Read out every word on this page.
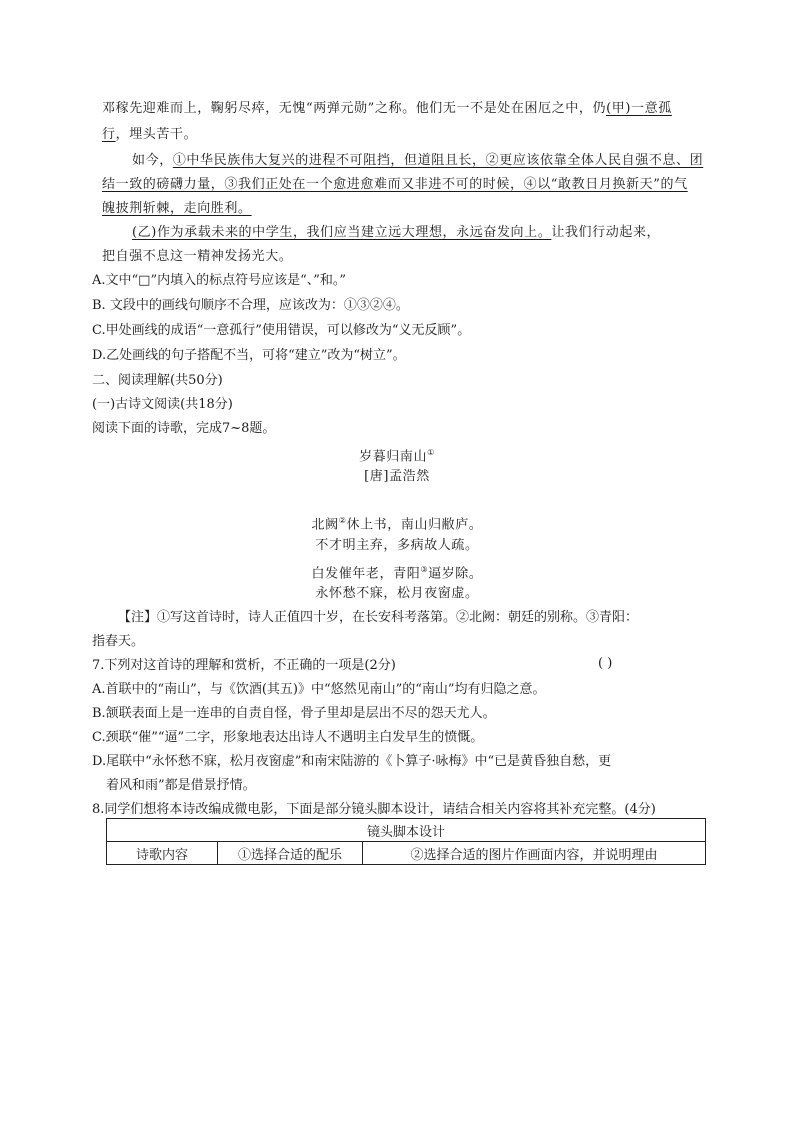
邓稼先迎难而上，鞠躬尽瘁，无愧“两弹元勋”之称。他们无一不是处在困厄之中，仍(甲)一意孤
行，埋头苦干。
如今，①中华民族伟大复兴的进程不可阻挡，但道阻且长，②更应该依靠全体人民自强不息、团
结一致的磅礴力量，③我们正处在一个愈进愈难而又非进不可的时候，④以“敢教日月换新天”的气
魄披荆斩棘，走向胜利。
(乙)作为承载未来的中学生，我们应当建立远大理想，永远奋发向上。让我们行动起来，
把自强不息这一精神发扬光大。
A.文中“□”内填入的标点符号应该是“、”和。”
B. 文段中的画线句顺序不合理，应该改为：①③②④。
C.甲处画线的成语“一意孤行”使用错误，可以修改为“义无反顾”。
D.乙处画线的句子搭配不当，可将“建立”改为“树立”。
二、阅读理解(共50分)
(一)古诗文阅读(共18分)
阅读下面的诗歌，完成7~8题。
岁暮归南山①
[唐]孟浩然
北阙②休上书，南山归敝庐。
不才明主弃，多病故人疏。
白发催年老，青阳③逼岁除。
永怀愁不寐，松月夜窗虚。
【注】①写这首诗时，诗人正值四十岁，在长安科考落第。②北阙：朝廷的别称。③青阳：
指春天。
7.下列对这首诗的理解和赏析，不正确的一项是(2分)	( )
A.首联中的“南山”，与《饮酒(其五)》中“悠然见南山”的“南山”均有归隐之意。
B.颔联表面上是一连串的自责自怪，骨子里却是层出不尽的怨天尤人。
C.颈联“催”“逼”二字，形象地表达出诗人不遇明主白发早生的愤慨。
D.尾联中“永怀愁不寐，松月夜窗虚”和南宋陆游的《卜算子·咏梅》中“已是黄昏独自愁，更
着风和雨”都是借景抒情。
8.同学们想将本诗改编成微电影，下面是部分镜头脚本设计，请结合相关内容将其补充完整。(4分)
镜头脚本设计
诗歌内容	①选择合适的配乐	②选择合适的图片作画面内容，并说明理由
